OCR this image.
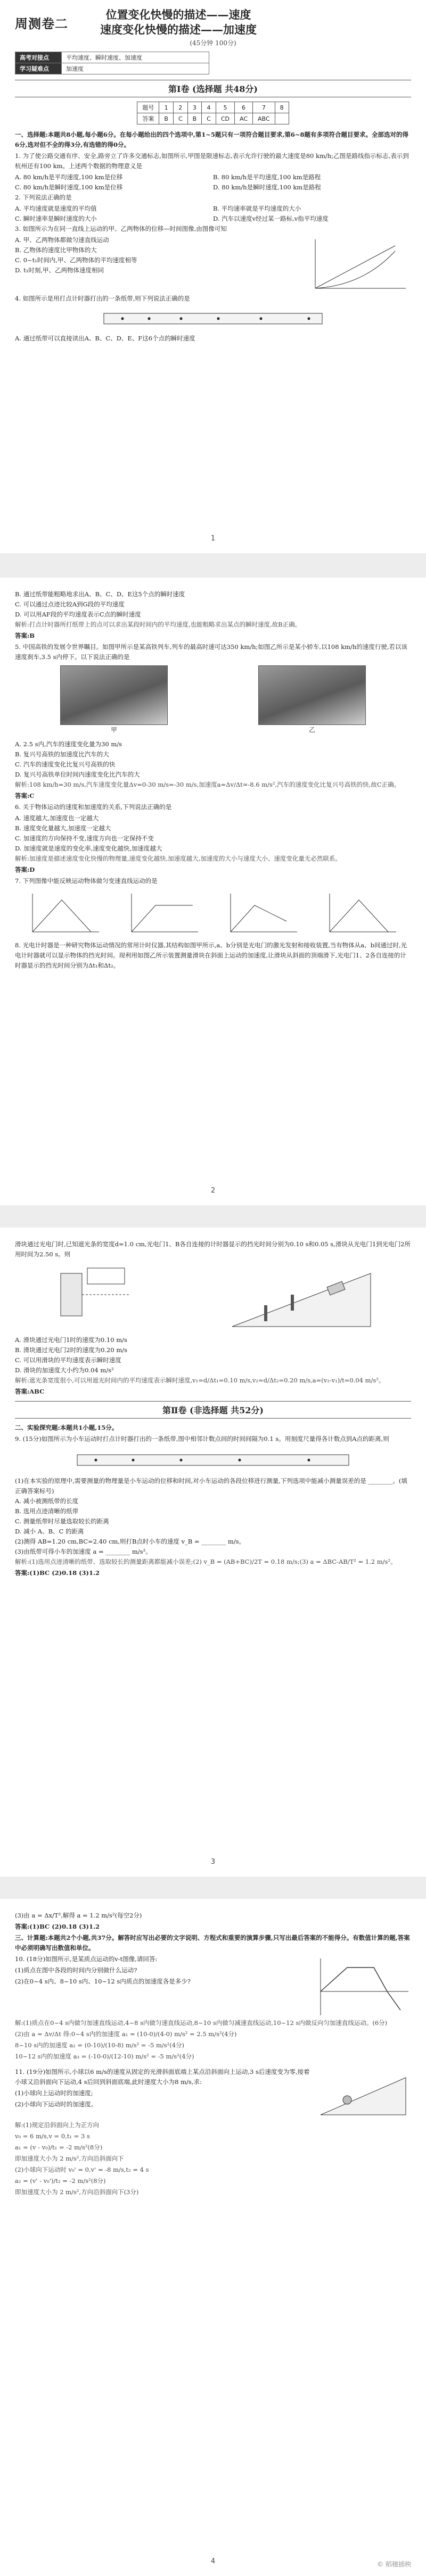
周测卷二
位置变化快慢的描述——速度
速度变化快慢的描述——加速度
(45分钟 100分)
高考对接点	平均速度、瞬时速度、加速度
学习疑难点	加速度
第Ⅰ卷 (选择题 共48分)
题号	1	2	3	4	5	6	7	8
答案	B	C	B	C	CD	AC	ABC	

一、选择题:本题共8小题,每小题6分。在每小题给出的四个选项中,第1~5题只有一项符合题目要求,第6~8题有多项符合题目要求。全部选对的得6分,选对但不全的得3分,有选错的得0分。

1. 为了使公路交通有序、安全,路旁立了许多交通标志,如图所示,甲图是限速标志,表示允许行驶的最大速度是80 km/h;乙图是路线指示标志,表示到杭州还有100 km。上述两个数据的物理意义是

A. 80 km/h是平均速度,100 km是位移	B. 80 km/h是平均速度,100 km是路程
C. 80 km/h是瞬时速度,100 km是位移	D. 80 km/h是瞬时速度,100 km是路程

2. 下列说法正确的是

A. 平均速度就是速度的平均值	B. 平均速率就是平均速度的大小
C. 瞬时速率是瞬时速度的大小	D. 汽车以速度v经过某一路标,v指平均速度

3. 如图所示为在同一直线上运动的甲、乙两物体的位移—时间图像,由图像可知

A. 甲、乙两物体都做匀速直线运动
B. 乙物体的速度比甲物体的大
C. 0~t₁时间内,甲、乙两物体的平均速度相等
D. t₁时刻,甲、乙两物体速度相同

4. 如图所示是用打点计时器打出的一条纸带,则下列说法正确的是

A. 通过纸带可以直接读出A、B、C、D、E、F这6个点的瞬时速度
1
B. 通过纸带能粗略地求出A、B、C、D、E这5个点的瞬时速度
C. 可以通过点迹比较A到G段的平均速度
D. 可以用AF段的平均速度表示C点的瞬时速度

解析:打点计时器所打纸带上的点可以求出某段时间内的平均速度,也能粗略求出某点的瞬时速度,故B正确。

答案:B

5. 中国高铁的发展令世界瞩目。如图甲所示是某高铁列车,列车的最高时速可达350 km/h;如图乙所示是某小轿车,以108 km/h的速度行驶,若以该速度刹车,3.5 s内停下。以下说法正确的是

甲	乙
A. 2.5 s内,汽车的速度变化量为30 m/s
B. 复兴号高铁的加速度比汽车的大
C. 汽车的速度变化比复兴号高铁的快
D. 复兴号高铁单位时间内速度变化比汽车的大

解析:108 km/h=30 m/s,汽车速度变化量Δv=0-30 m/s=-30 m/s,加速度a=Δv/Δt≈-8.6 m/s²,汽车的速度变化比复兴号高铁的快,故C正确。

答案:C

6. 关于物体运动的速度和加速度的关系,下列说法正确的是

A. 速度越大,加速度也一定越大
B. 速度变化量越大,加速度一定越大
C. 加速度的方向保持不变,速度方向也一定保持不变
D. 加速度就是速度的变化率,速度变化越快,加速度越大

解析:加速度是描述速度变化快慢的物理量,速度变化越快,加速度越大,加速度的大小与速度大小、速度变化量无必然联系。

答案:D

7. 下列图像中能反映运动物体做匀变速直线运动的是

8. 光电计时器是一种研究物体运动情况的常用计时仪器,其结构如图甲所示,a、b分别是光电门的激光发射和接收装置,当有物体从a、b间通过时,光电计时器就可以显示物体的挡光时间。现利用如图乙所示装置测量滑块在斜面上运动的加速度,让滑块从斜面的顶端滑下,光电门1、2各自连接的计时器显示的挡光时间分别为Δt₁和Δt₂。

2

滑块通过光电门时,已知遮光条的宽度d=1.0 cm,光电门1、B各自连接的计时器显示的挡光时间分别为0.10 s和0.05 s,滑块从光电门1到光电门2所用时间为2.50 s。则

A. 滑块通过光电门1时的速度为0.10 m/s
B. 滑块通过光电门2时的速度为0.20 m/s
C. 可以用滑块的平均速度表示瞬时速度
D. 滑块的加速度大小约为0.04 m/s²

解析:遮光条宽度很小,可以用遮光时间内的平均速度表示瞬时速度,v₁=d/Δt₁=0.10 m/s,v₂=d/Δt₂=0.20 m/s,a=(v₂-v₁)/t=0.04 m/s²。

答案:ABC

第Ⅱ卷 (非选择题 共52分)

二、实验探究题:本题共1小题,15分。

9. (15分)如图所示为小车运动时打点计时器打出的一条纸带,图中相邻计数点间的时间间隔为0.1 s。用刻度尺量得各计数点到A点的距离,则

(1)在本实验的原理中,需要测量的物理量是小车运动的位移和时间,对小车运动的各段位移进行测量,下列选项中能减小测量误差的是 ________。(填正确答案标号)
A. 减小被测纸带的长度
B. 选用点迹清晰的纸带
C. 测量纸带时尽量选取较长的距离
D. 减小 A、B、C 的距离
(2)测得 AB=1.20 cm,BC=2.40 cm,则打B点时小车的速度 v_B = ________ m/s。
(3)由纸带可得小车的加速度 a = ________ m/s²。

解析:(1)选用点迹清晰的纸带、选取较长的测量距离都能减小误差;(2) v_B = (AB+BC)/2T = 0.18 m/s;(3) a = ΔBC-AB/T² = 1.2 m/s²。

答案:(1)BC (2)0.18 (3)1.2

3

(3)由 a = Δx/T²,解得 a = 1.2 m/s²(每空2分)

答案:(1)BC (2)0.18 (3)1.2

三、计算题:本题共2个小题,共37分。解答时应写出必要的文字说明、方程式和重要的演算步骤,只写出最后答案的不能得分。有数值计算的题,答案中必须明确写出数值和单位。

10. (18分)如图所示,是某质点运动的v-t图像,请回答:

(1)质点在图中各段的时间内分别做什么运动?

(2)在0~4 s内、8~10 s内、10~12 s内质点的加速度各是多少?

解:(1)质点在0~4 s内做匀加速直线运动,4~8 s内做匀速直线运动,8~10 s内做匀减速直线运动,10~12 s内做反向匀加速直线运动。(6分)

(2)由 a = Δv/Δt 得:0~4 s内的加速度 a₁ = (10-0)/(4-0) m/s² = 2.5 m/s²(4分)

8~10 s内的加速度 a₂ = (0-10)/(10-8) m/s² = -5 m/s²(4分)

10~12 s内的加速度 a₃ = (-10-0)/(12-10) m/s² = -5 m/s²(4分)

11. (19分)如图所示,小球以6 m/s的速度从固定的光滑斜面底端上某点沿斜面向上运动,3 s后速度变为零,接着小球又沿斜面向下运动,4 s后回到斜面底端,此时速度大小为8 m/s,求:

(1)小球向上运动时的加速度;

(2)小球向下运动时的加速度。

解:(1)规定沿斜面向上为正方向

v₀ = 6 m/s,v = 0,t₁ = 3 s

a₁ = (v - v₀)/t₁ = -2 m/s²(8分)

即加速度大小为 2 m/s²,方向沿斜面向下

(2)小球向下运动时 v₀' = 0,v' = -8 m/s,t₂ = 4 s

a₂ = (v' - v₀')/t₂ = -2 m/s²(8分)

即加速度大小为 2 m/s²,方向沿斜面向下(3分)

4	© 稻穗插秧
